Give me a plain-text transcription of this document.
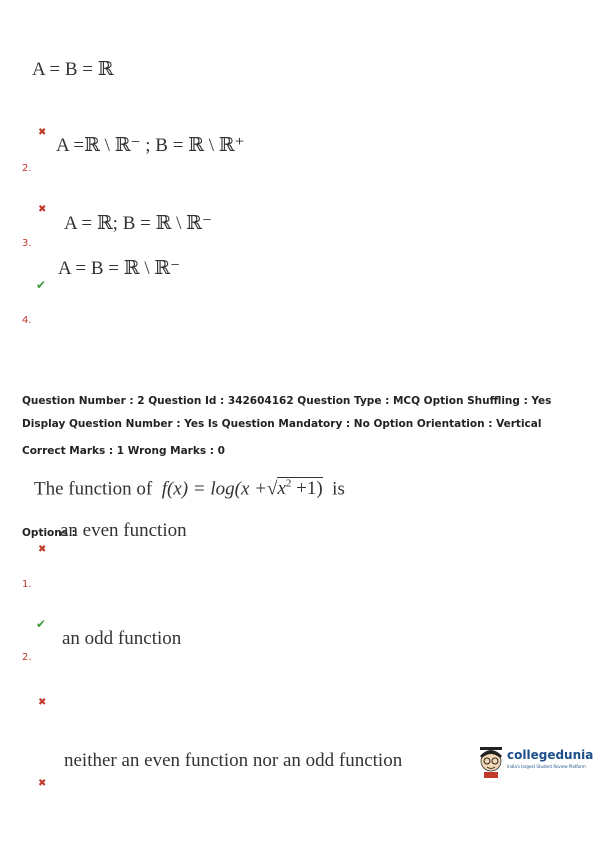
A = B = ℝ
✖
A =ℝ \ ℝ⁻ ; B = ℝ \ ℝ⁺
2.
✖
A = ℝ; B = ℝ \ ℝ⁻
3.
A = B = ℝ \ ℝ⁻
✔
4.
Question Number : 2 Question Id : 342604162 Question Type : MCQ Option Shuffling : Yes
Display Question Number : Yes Is Question Mandatory : No Option Orientation : Vertical
Correct Marks : 1 Wrong Marks : 0
The function of $f(x) = \log(x +√x^2 +1)$ is
Options :
an even function
✖
1.
✔
an odd function
2.
✖
neither an even function nor an odd function
✖
collegedunia
India's largest Student Review Platform
